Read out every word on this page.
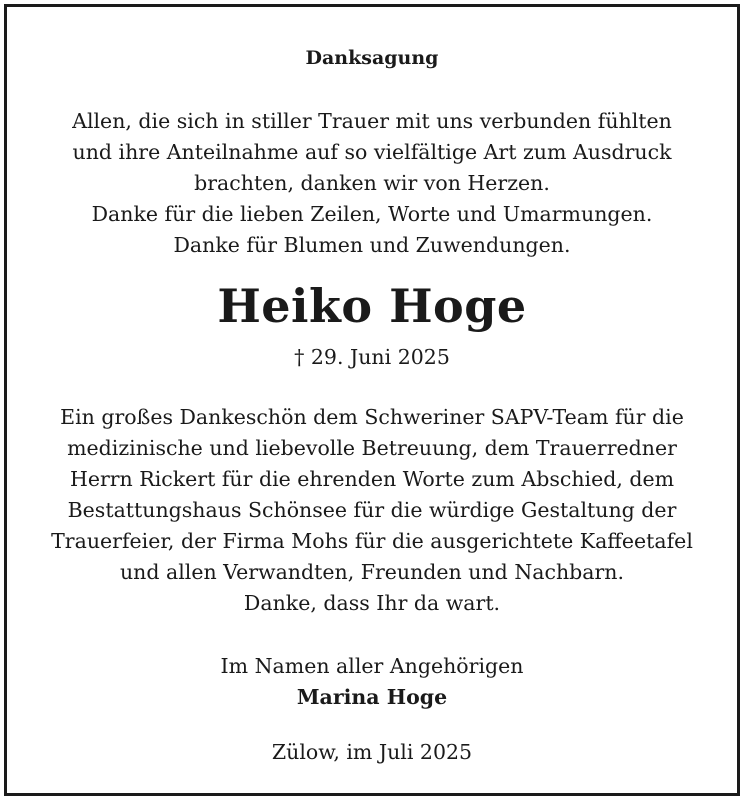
Danksagung
Allen, die sich in stiller Trauer mit uns verbunden fühlten
und ihre Anteilnahme auf so vielfältige Art zum Ausdruck
brachten, danken wir von Herzen.
Danke für die lieben Zeilen, Worte und Umarmungen.
Danke für Blumen und Zuwendungen.
Heiko Hoge
† 29. Juni 2025
Ein großes Dankeschön dem Schweriner SAPV-Team für die
medizinische und liebevolle Betreuung, dem Trauerredner
Herrn Rickert für die ehrenden Worte zum Abschied, dem
Bestattungshaus Schönsee für die würdige Gestaltung der
Trauerfeier, der Firma Mohs für die ausgerichtete Kaffeetafel
und allen Verwandten, Freunden und Nachbarn.
Danke, dass Ihr da wart.
Im Namen aller Angehörigen
Marina Hoge
Zülow, im Juli 2025
